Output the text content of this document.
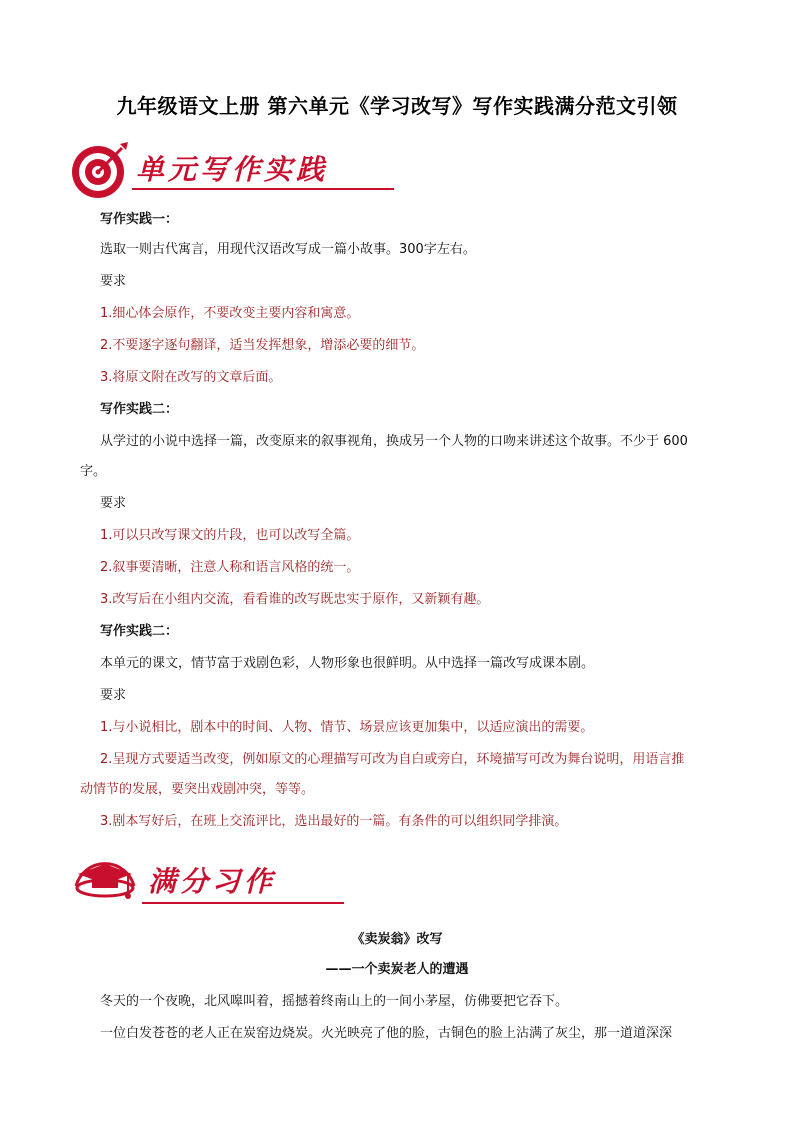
九年级语文上册 第六单元《学习改写》写作实践满分范文引领
单元写作实践
写作实践一：
选取一则古代寓言，用现代汉语改写成一篇小故事。300字左右。
要求
1.细心体会原作，不要改变主要内容和寓意。
2.不要逐字逐句翻译，适当发挥想象，增添必要的细节。
3.将原文附在改写的文章后面。
写作实践二：
从学过的小说中选择一篇，改变原来的叙事视角，换成另一个人物的口吻来讲述这个故事。不少于 600
字。
要求
1.可以只改写课文的片段，也可以改写全篇。
2.叙事要清晰，注意人称和语言风格的统一。
3.改写后在小组内交流，看看谁的改写既忠实于原作，又新颖有趣。
写作实践二：
本单元的课文，情节富于戏剧色彩，人物形象也很鲜明。从中选择一篇改写成课本剧。
要求
1.与小说相比，剧本中的时间、人物、情节、场景应该更加集中，以适应演出的需要。
2.呈现方式要适当改变，例如原文的心理描写可改为自白或旁白，环境描写可改为舞台说明，用语言推
动情节的发展，要突出戏剧冲突，等等。
3.剧本写好后，在班上交流评比，选出最好的一篇。有条件的可以组织同学排演。
满分习作
《卖炭翁》改写
——一个卖炭老人的遭遇
冬天的一个夜晚，北风嗥叫着，摇撼着终南山上的一间小茅屋，仿佛要把它吞下。
一位白发苍苍的老人正在炭窑边烧炭。火光映亮了他的脸，古铜色的脸上沾满了灰尘，那一道道深深
